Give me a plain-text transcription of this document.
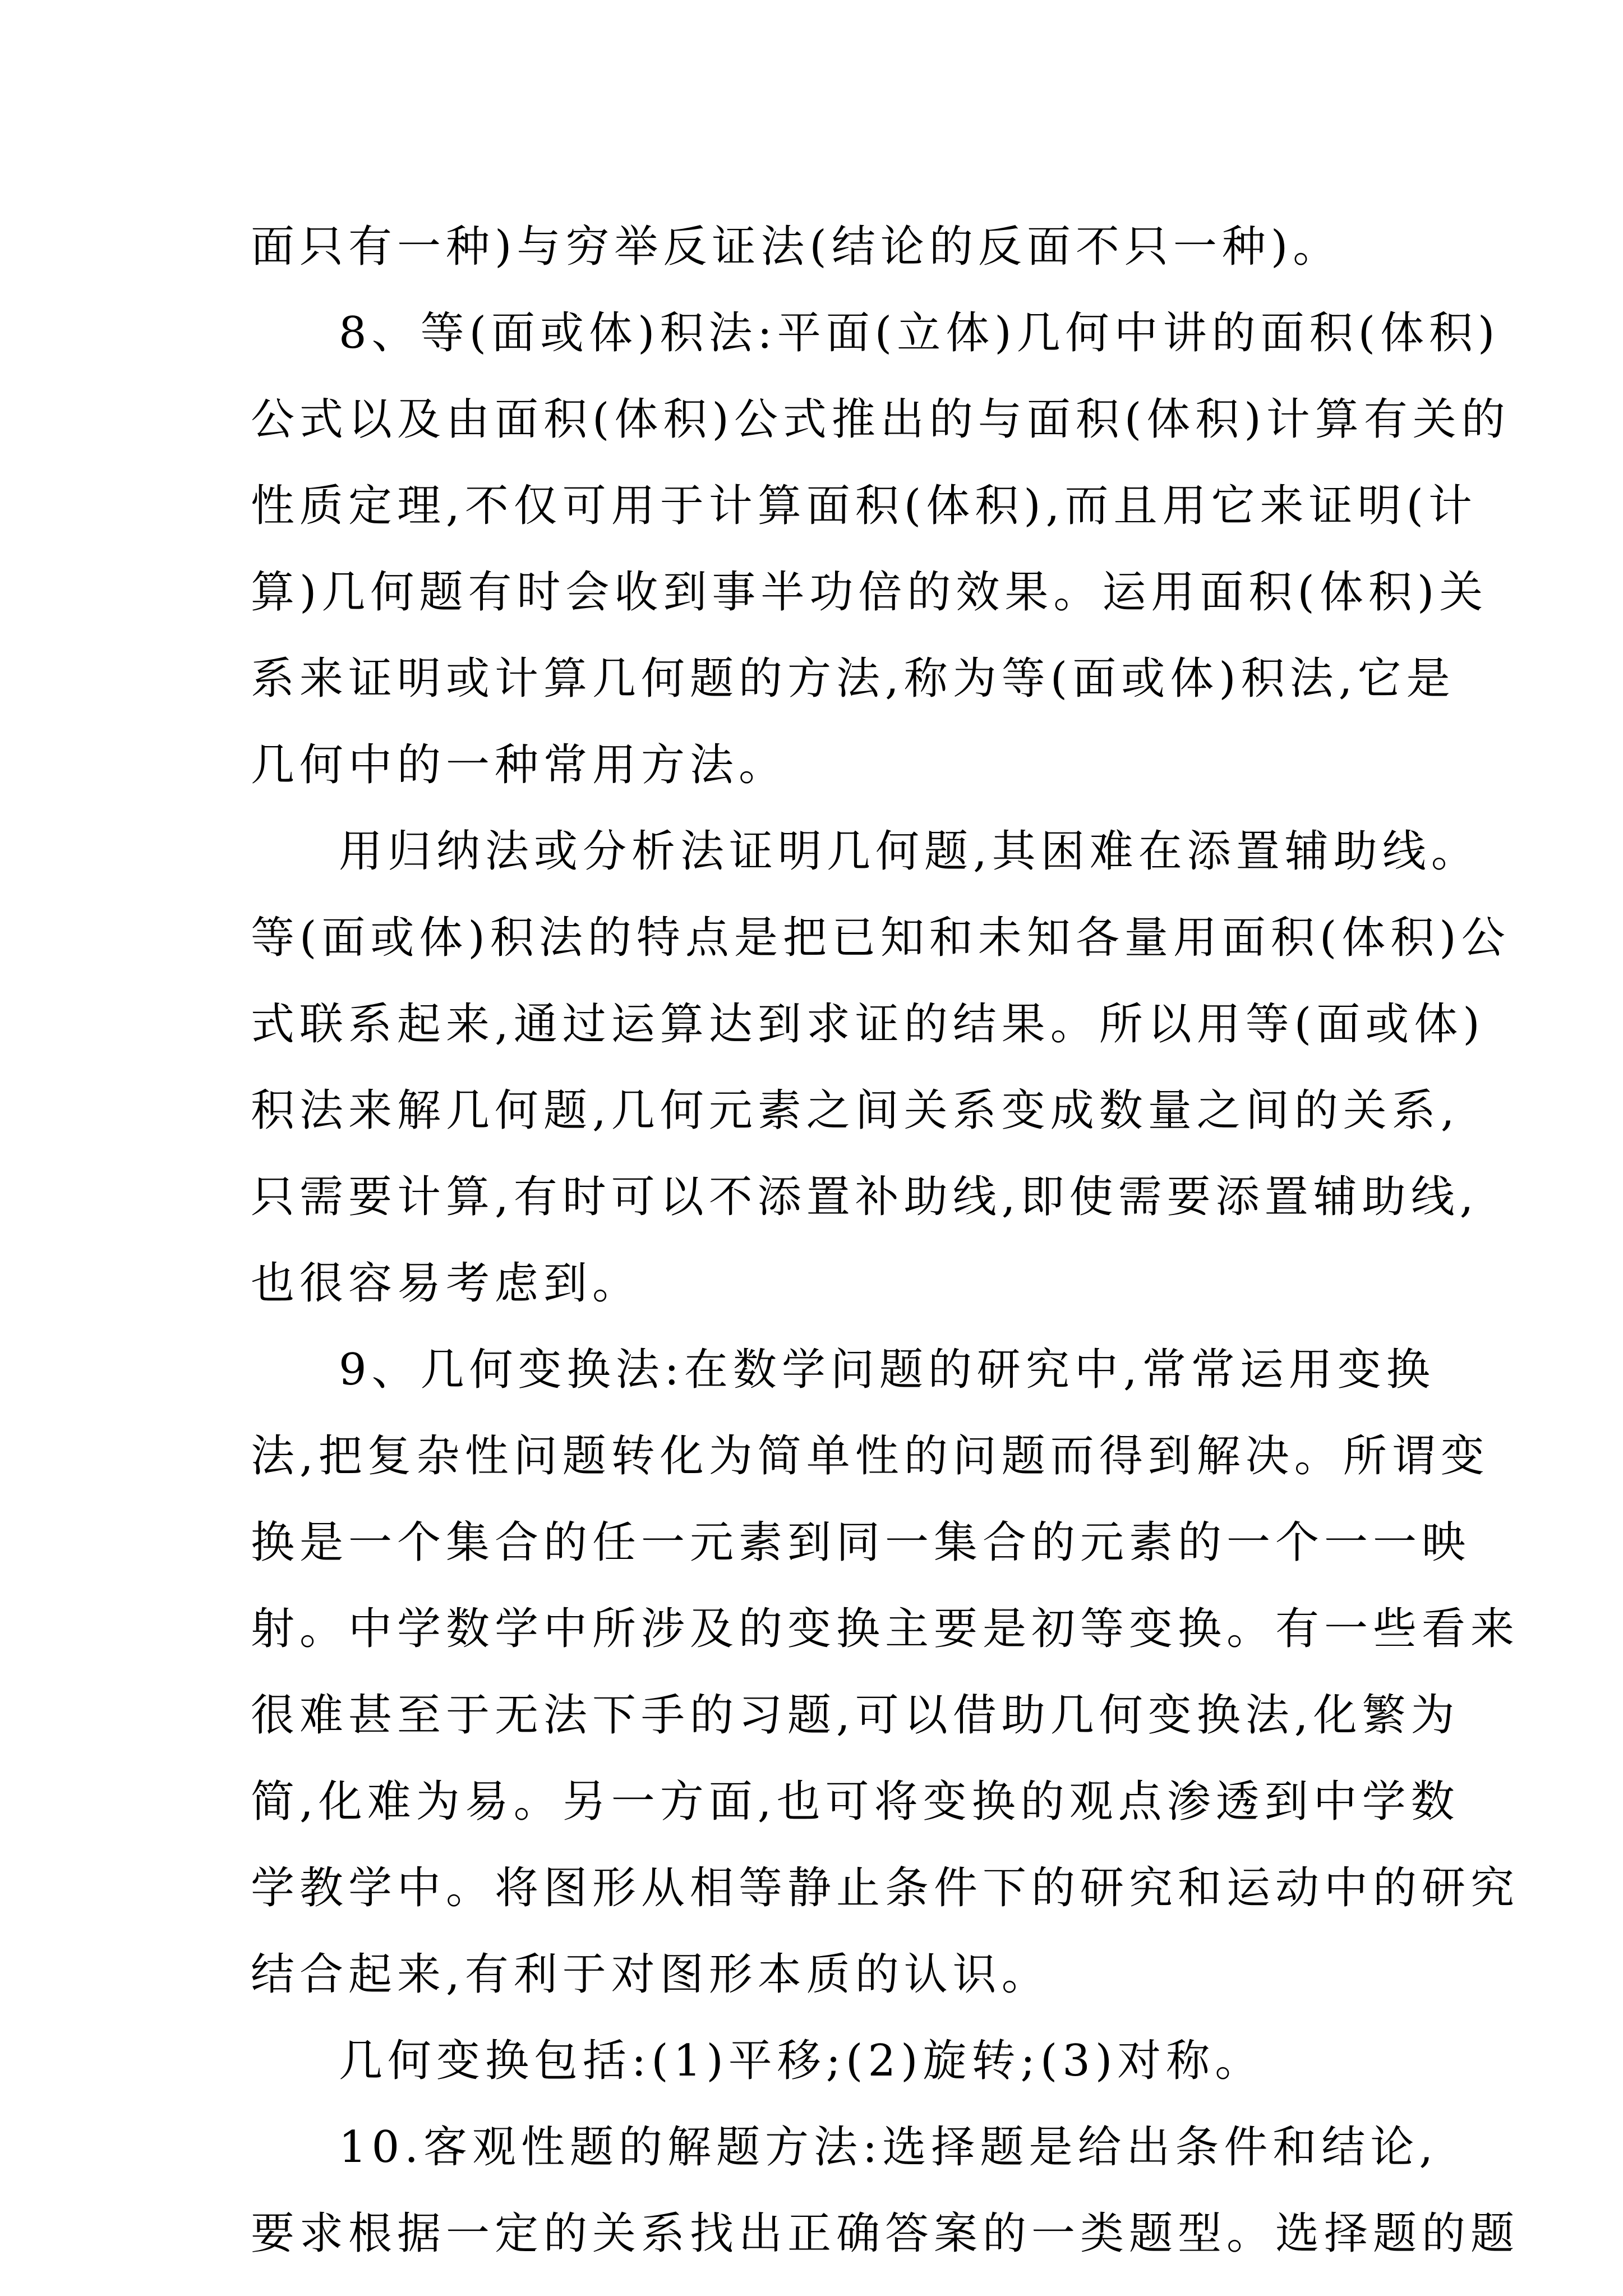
面只有一种)与穷举反证法(结论的反面不只一种)。
8、等(面或体)积法:平面(立体)几何中讲的面积(体积)
公式以及由面积(体积)公式推出的与面积(体积)计算有关的
性质定理,不仅可用于计算面积(体积),而且用它来证明(计
算)几何题有时会收到事半功倍的效果。运用面积(体积)关
系来证明或计算几何题的方法,称为等(面或体)积法,它是
几何中的一种常用方法。
用归纳法或分析法证明几何题,其困难在添置辅助线。
等(面或体)积法的特点是把已知和未知各量用面积(体积)公
式联系起来,通过运算达到求证的结果。所以用等(面或体)
积法来解几何题,几何元素之间关系变成数量之间的关系,
只需要计算,有时可以不添置补助线,即使需要添置辅助线,
也很容易考虑到。
9、几何变换法:在数学问题的研究中,常常运用变换
法,把复杂性问题转化为简单性的问题而得到解决。所谓变
换是一个集合的任一元素到同一集合的元素的一个一一映
射。中学数学中所涉及的变换主要是初等变换。有一些看来
很难甚至于无法下手的习题,可以借助几何变换法,化繁为
简,化难为易。另一方面,也可将变换的观点渗透到中学数
学教学中。将图形从相等静止条件下的研究和运动中的研究
结合起来,有利于对图形本质的认识。
几何变换包括:(1)平移;(2)旋转;(3)对称。
10.客观性题的解题方法:选择题是给出条件和结论,
要求根据一定的关系找出正确答案的一类题型。选择题的题
